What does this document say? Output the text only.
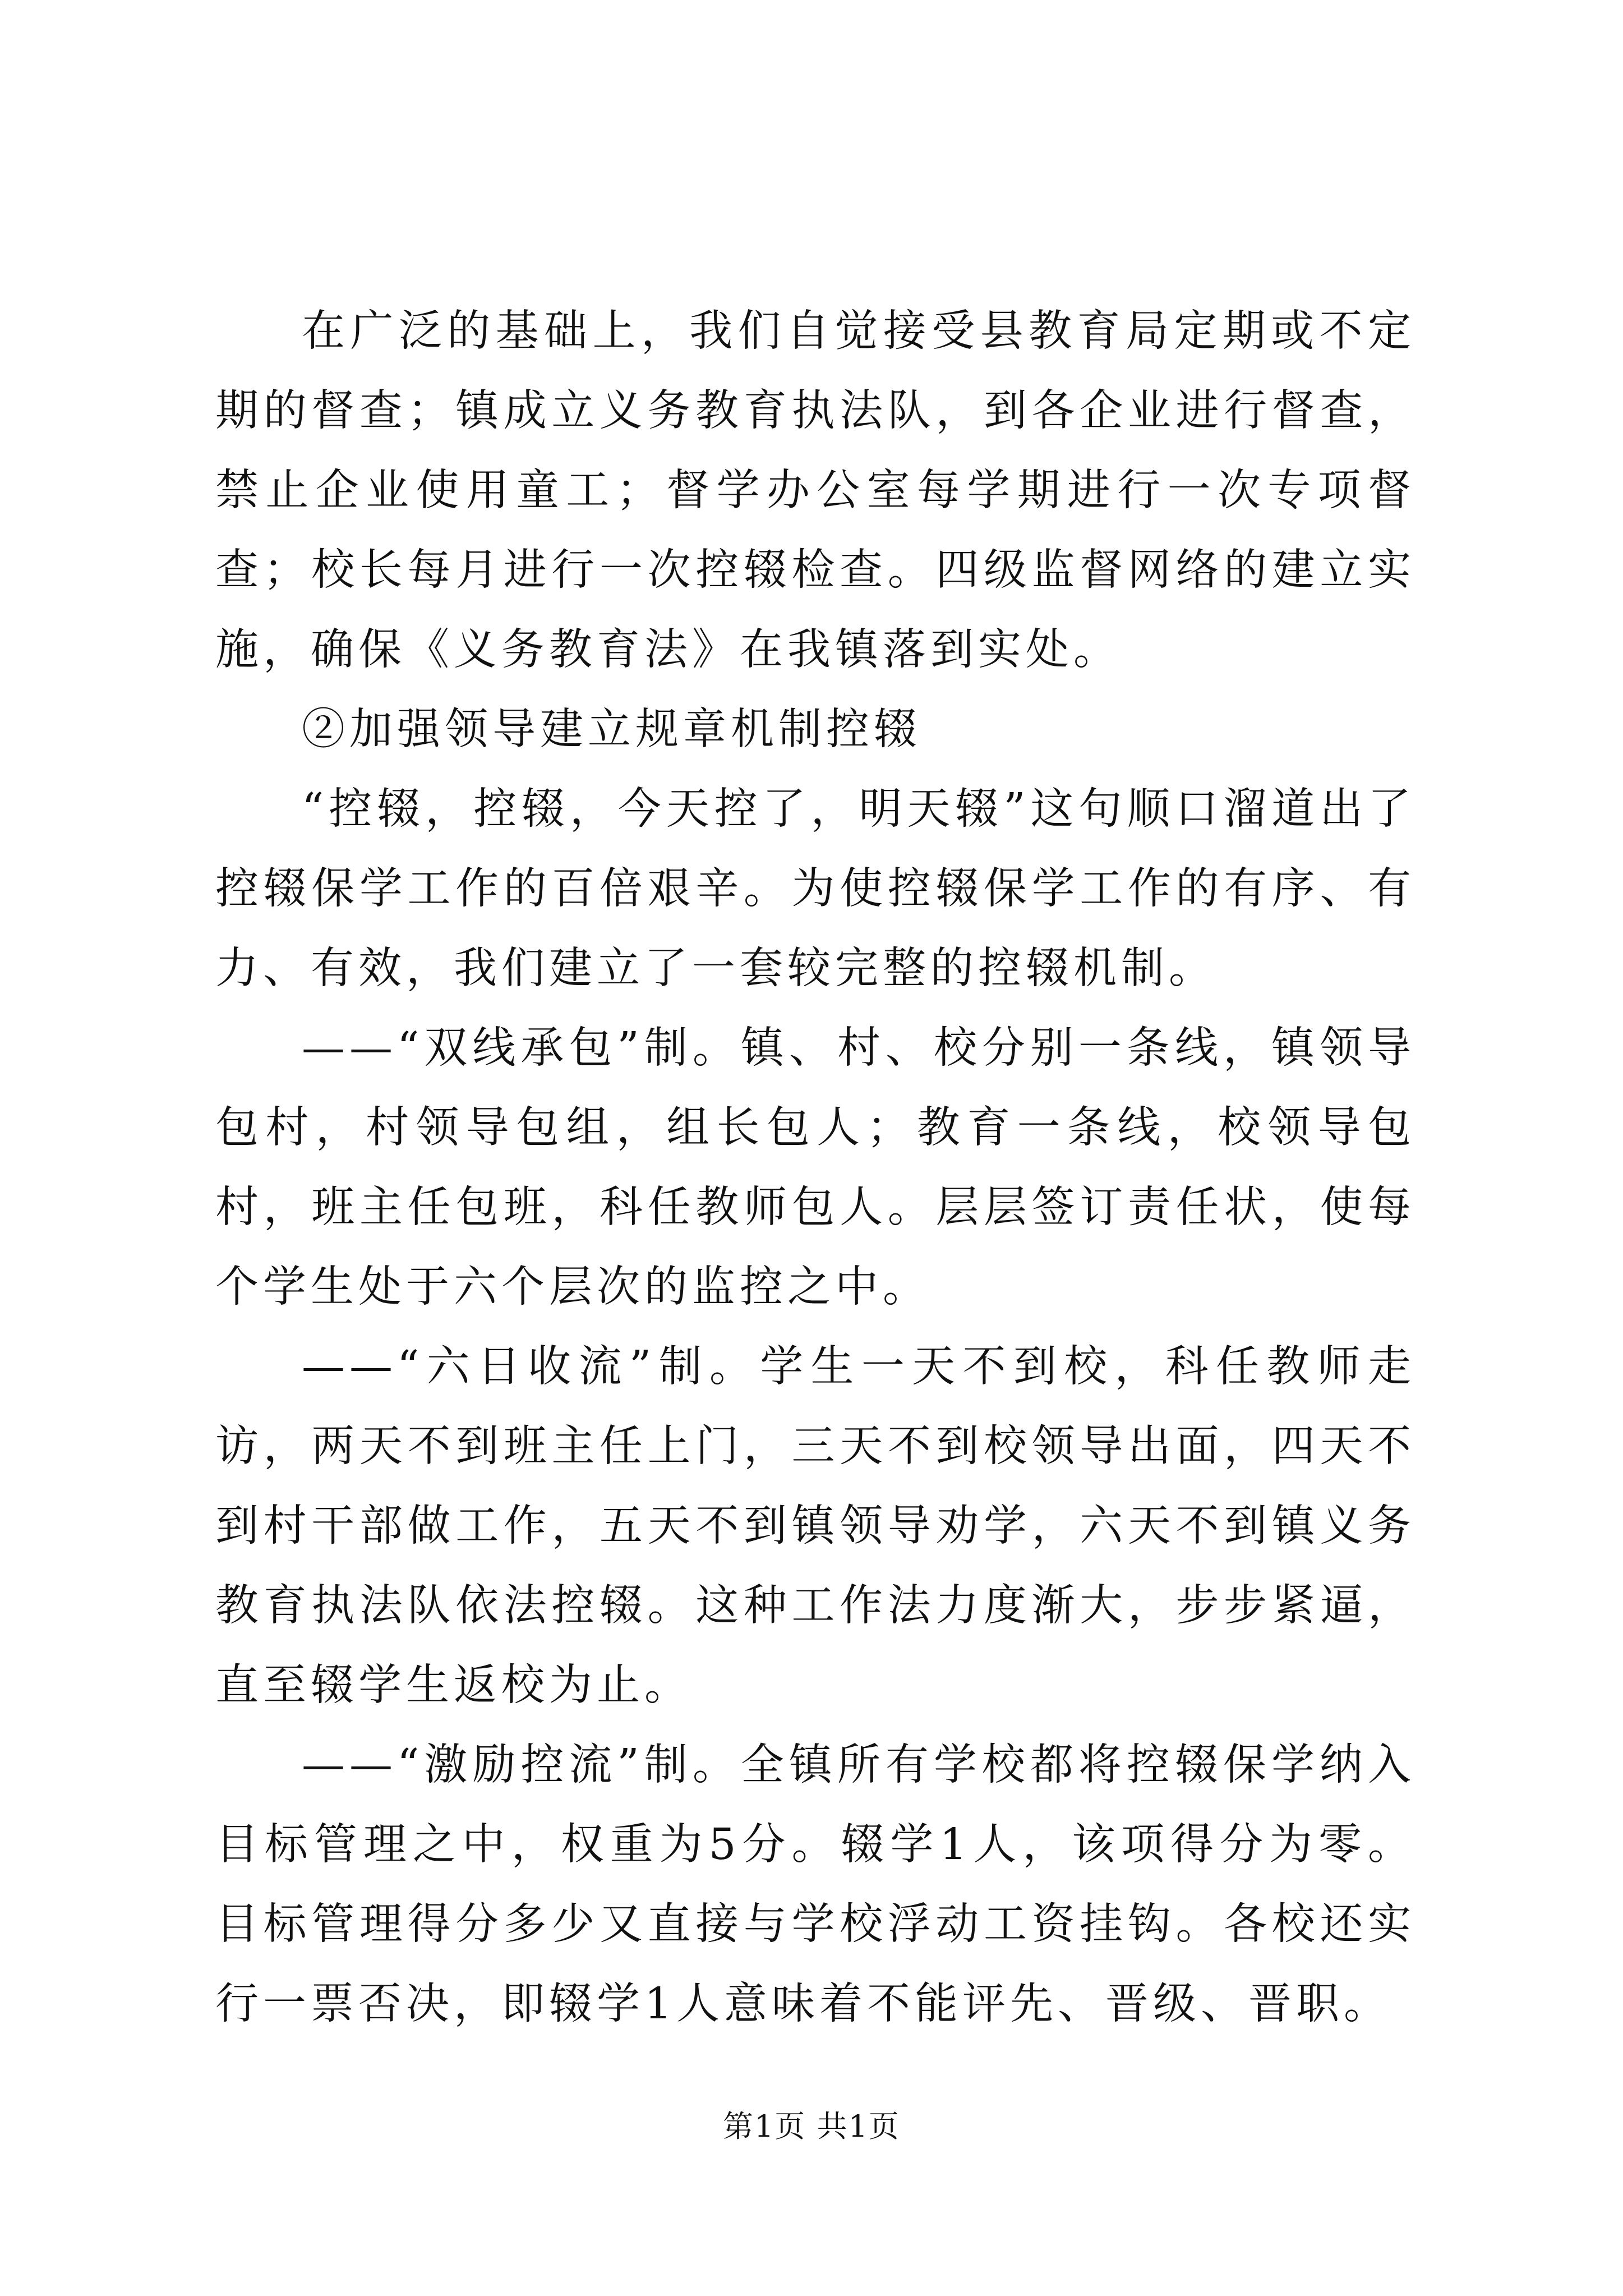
在广泛的基础上，我们自觉接受县教育局定期或不定期的督查；镇成立义务教育执法队，到各企业进行督查，禁止企业使用童工；督学办公室每学期进行一次专项督查；校长每月进行一次控辍检查。四级监督网络的建立实施，确保《义务教育法》在我镇落到实处。

②加强领导建立规章机制控辍

“控辍，控辍，今天控了，明天辍”这句顺口溜道出了控辍保学工作的百倍艰辛。为使控辍保学工作的有序、有力、有效，我们建立了一套较完整的控辍机制。

——“双线承包”制。镇、村、校分别一条线，镇领导包村，村领导包组，组长包人；教育一条线，校领导包村，班主任包班，科任教师包人。层层签订责任状，使每个学生处于六个层次的监控之中。

——“六日收流”制。学生一天不到校，科任教师走访，两天不到班主任上门，三天不到校领导出面，四天不到村干部做工作，五天不到镇领导劝学，六天不到镇义务教育执法队依法控辍。这种工作法力度渐大，步步紧逼，直至辍学生返校为止。

——“激励控流”制。全镇所有学校都将控辍保学纳入目标管理之中，权重为5分。辍学1人，该项得分为零。目标管理得分多少又直接与学校浮动工资挂钩。各校还实行一票否决，即辍学1人意味着不能评先、晋级、晋职。

第1页 共1页
